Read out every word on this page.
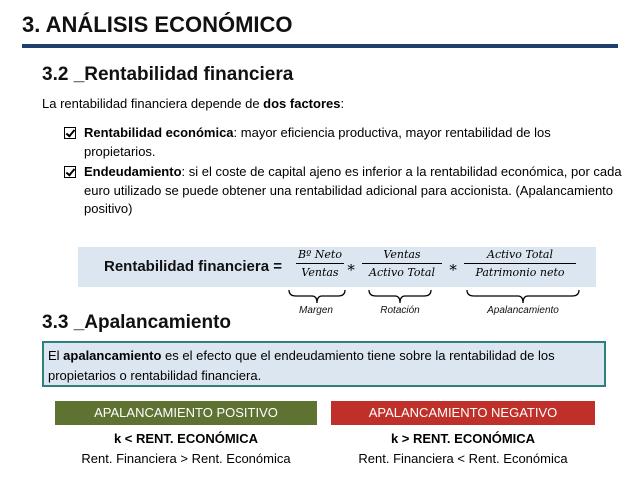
3. ANÁLISIS ECONÓMICO
3.2 _Rentabilidad financiera
La rentabilidad financiera depende de dos factores:
Rentabilidad económica: mayor eficiencia productiva, mayor rentabilidad de los propietarios.
Endeudamiento: si el coste de capital ajeno es inferior a la rentabilidad económica, por cada euro utilizado se puede obtener una rentabilidad adicional para accionista. (Apalancamiento positivo)
Rentabilidad financiera =
Bº Neto
Ventas ∗
Ventas
Activo Total ∗
Activo Total
Patrimonio neto
Margen	Rotación	Apalancamiento
3.3 _Apalancamiento
El apalancamiento es el efecto que el endeudamiento tiene sobre la rentabilidad de los propietarios o rentabilidad financiera.
APALANCAMIENTO POSITIVO	APALANCAMIENTO NEGATIVO
k < RENT. ECONÓMICA
Rent. Financiera > Rent. Económica
k > RENT. ECONÓMICA
Rent. Financiera < Rent. Económica
